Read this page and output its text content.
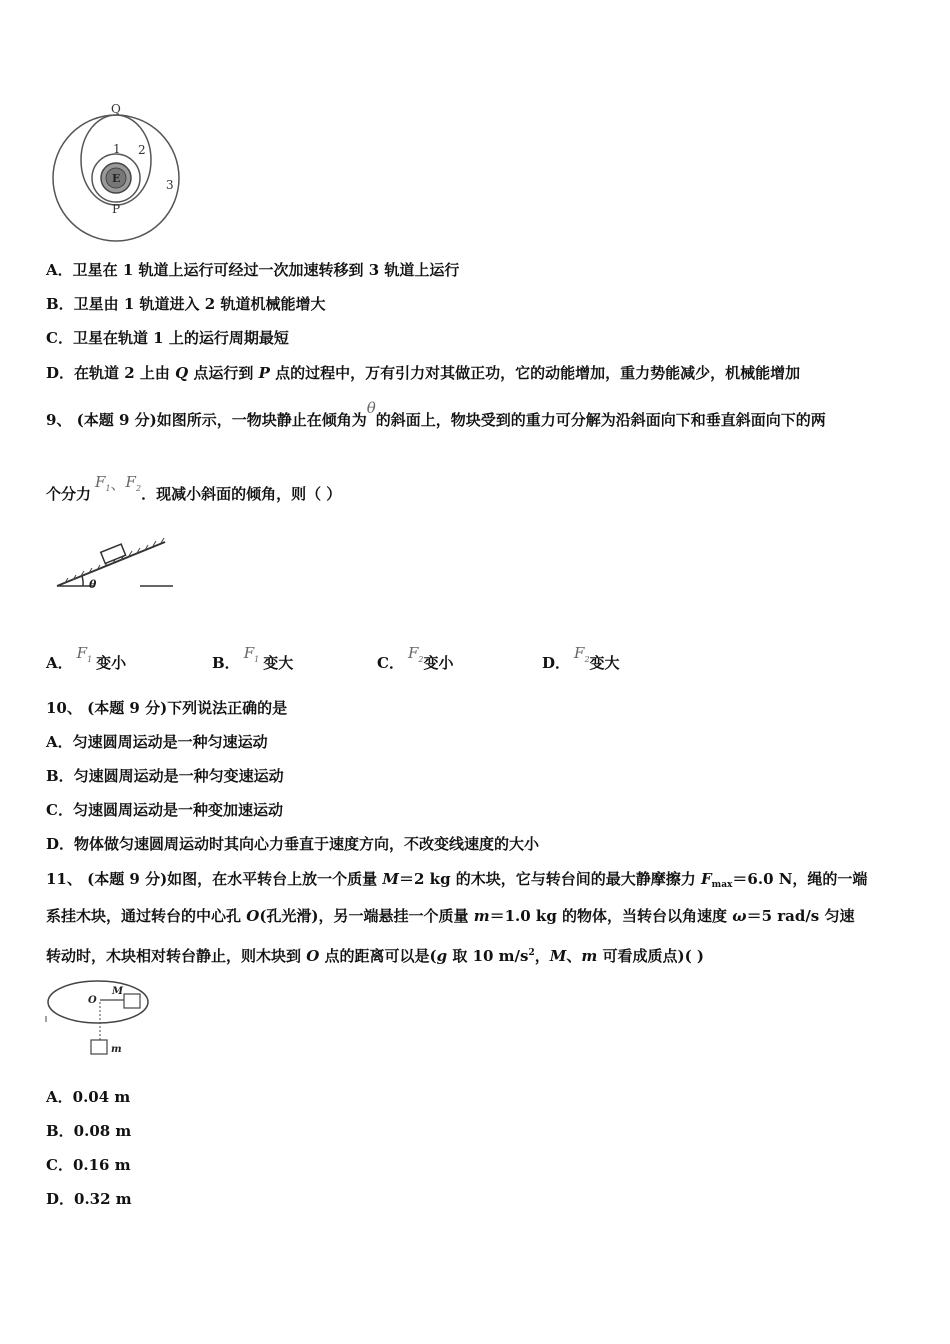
E
Q
P
1 2
3
A．卫星在 1 轨道上运行可经过一次加速转移到 3 轨道上运行
B．卫星由 1 轨道进入 2 轨道机械能增大
C．卫星在轨道 1 上的运行周期最短
D．在轨道 2 上由 Q 点运行到 P 点的过程中，万有引力对其做正功，它的动能增加，重力势能减少，机械能增加
9、 (本题 9 分)如图所示，一物块静止在倾角为θ的斜面上，物块受到的重力可分解为沿斜面向下和垂直斜面向下的两
个分力$F_1$、$F_2$．现减小斜面的倾角，则（ ）
θ
A．$F_1$ 变小	B．$F_1$ 变大	C．$F_2$变小	D．$F_2$变大
10、 (本题 9 分)下列说法正确的是
A．匀速圆周运动是一种匀速运动
B．匀速圆周运动是一种匀变速运动
C．匀速圆周运动是一种变加速运动
D．物体做匀速圆周运动时其向心力垂直于速度方向，不改变线速度的大小
11、 (本题 9 分)如图，在水平转台上放一个质量 M＝2 kg 的木块，它与转台间的最大静摩擦力 $F_{max}=6.0$ N，绳的一端
系挂木块，通过转台的中心孔 O(孔光滑)，另一端悬挂一个质量 m＝1.0 kg 的物体，当转台以角速度 ω＝5 rad/s 匀速
转动时，木块相对转台静止，则木块到 O 点的距离可以是(g 取 10 $m/s^2$，M、m 可看成质点)( )
O
M
m
A．0.04 m
B．0.08 m
C．0.16 m
D．0.32 m
